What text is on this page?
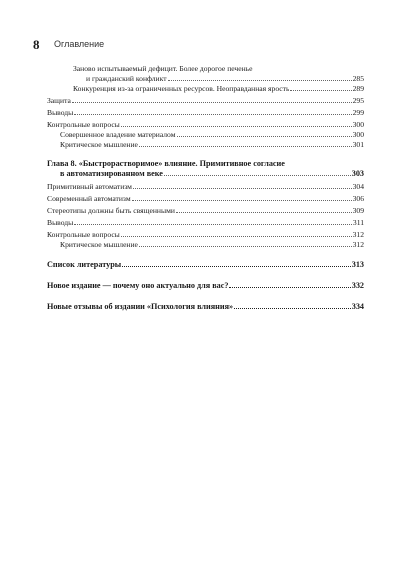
8 Оглавление
Заново испытываемый дефицит. Более дорогое печенье
и гражданский конфликт	285
Конкуренция из-за ограниченных ресурсов. Неоправданная ярость	289
Защита	295
Выводы	299
Контрольные вопросы	300
Совершенное владение материалом	300
Критическое мышление	301
Глава 8. «Быстрорастворимое» влияние. Примитивное согласие
в автоматизированном веке	303
Примитивный автоматизм	304
Современный автоматизм	306
Стереотипы должны быть священными	309
Выводы	311
Контрольные вопросы	312
Критическое мышление	312
Список литературы	313
Новое издание — почему оно актуально для вас?	332
Новые отзывы об издании «Психология влияния»	334
